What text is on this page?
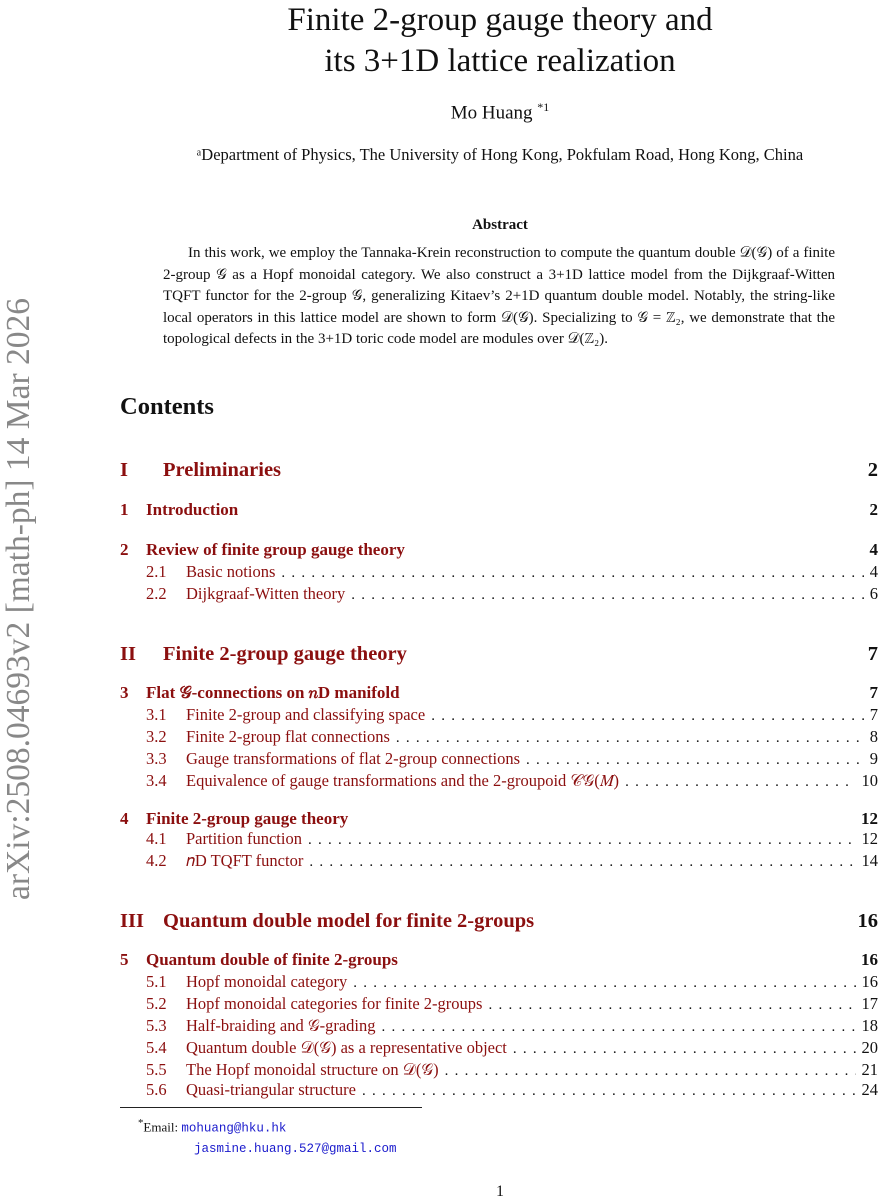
arXiv:2508.04693v2 [math-ph] 14 Mar 2026
Finite 2-group gauge theory and
its 3+1D lattice realization
Mo Huang $^{*1}$
ᵃDepartment of Physics, The University of Hong Kong, Pokfulam Road, Hong Kong, China
Abstract
In this work, we employ the Tannaka-Krein reconstruction to compute the quantum double 𝒟(𝒢) of a finite 2-group 𝒢 as a Hopf monoidal category. We also construct a 3+1D lattice model from the Dijkgraaf-Witten TQFT functor for the 2-group 𝒢, generalizing Kitaev’s 2+1D quantum double model. Notably, the string-like local operators in this lattice model are shown to form 𝒟(𝒢). Specializing to 𝒢 = ℤ₂, we demonstrate that the topological defects in the 3+1D toric code model are modules over 𝒟(ℤ₂).
Contents
I	Preliminaries	2
1	Introduction	2
2	Review of finite group gauge theory	4
2.1	Basic notions . . .	4
2.2	Dijkgraaf-Witten theory . . .	6
II	Finite 2-group gauge theory	7
3	Flat 𝒢-connections on 𝑛D manifold	7
3.1	Finite 2-group and classifying space . . .	7
3.2	Finite 2-group flat connections . . .	8
3.3	Gauge transformations of flat 2-group connections . . .	9
3.4	Equivalence of gauge transformations and the 2-groupoid 𝒞𝒢(𝑀) . . .	10
4	Finite 2-group gauge theory	12
4.1	Partition function . . .	12
4.2	𝑛D TQFT functor . . .	14
III Quantum double model for finite 2-groups	16
5	Quantum double of finite 2-groups	16
5.1	Hopf monoidal category . . .	16
5.2	Hopf monoidal categories for finite 2-groups . . .	17
5.3	Half-braiding and 𝒢-grading . . .	18
5.4	Quantum double 𝒟(𝒢) as a representative object . . .	20
5.5	The Hopf monoidal structure on 𝒟(𝒢) . . .	21
5.6	Quasi-triangular structure . . .	24
*Email: mohuang@hku.hk
jasmine.huang.527@gmail.com
1
